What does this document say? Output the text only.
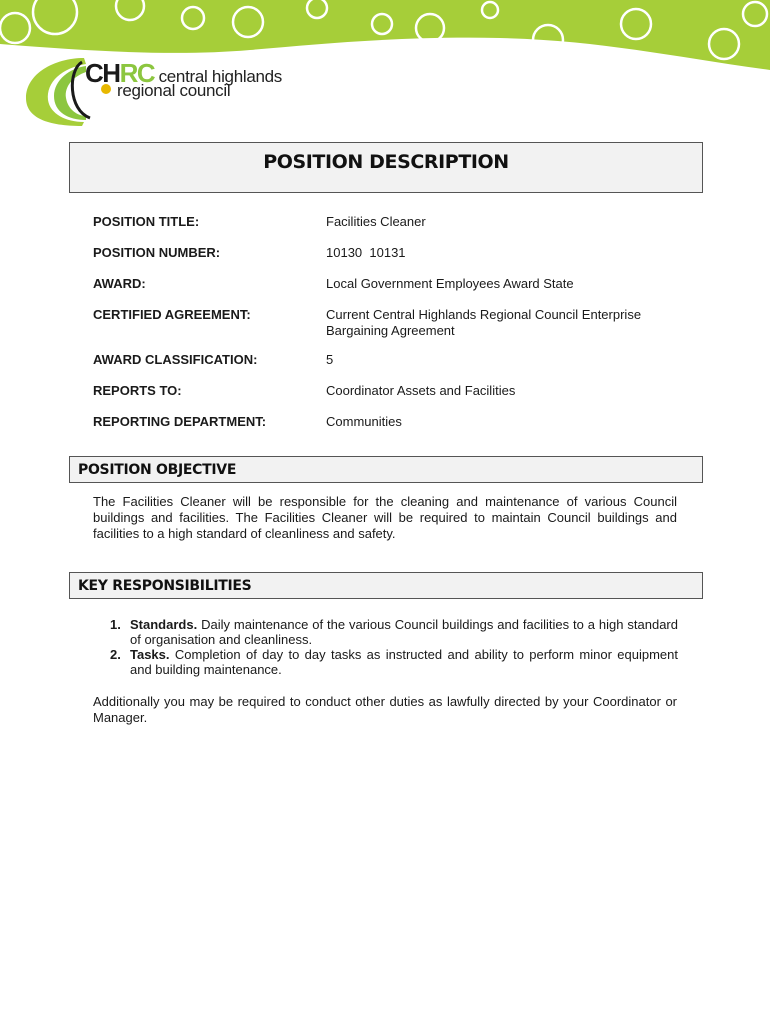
CHRC central highlands
regional council
POSITION DESCRIPTION
POSITION TITLE:	Facilities Cleaner
POSITION NUMBER:	10130  10131
AWARD:	Local Government Employees Award State
CERTIFIED AGREEMENT:	Current Central Highlands Regional Council Enterprise Bargaining Agreement
AWARD CLASSIFICATION:	5
REPORTS TO:	Coordinator Assets and Facilities
REPORTING DEPARTMENT:	Communities
POSITION OBJECTIVE
The Facilities Cleaner will be responsible for the cleaning and maintenance of various Council buildings and facilities. The Facilities Cleaner will be required to maintain Council buildings and facilities to a high standard of cleanliness and safety.
KEY RESPONSIBILITIES
1. Standards. Daily maintenance of the various Council buildings and facilities to a high standard of organisation and cleanliness.
2. Tasks. Completion of day to day tasks as instructed and ability to perform minor equipment and building maintenance.
Additionally you may be required to conduct other duties as lawfully directed by your Coordinator or Manager.
